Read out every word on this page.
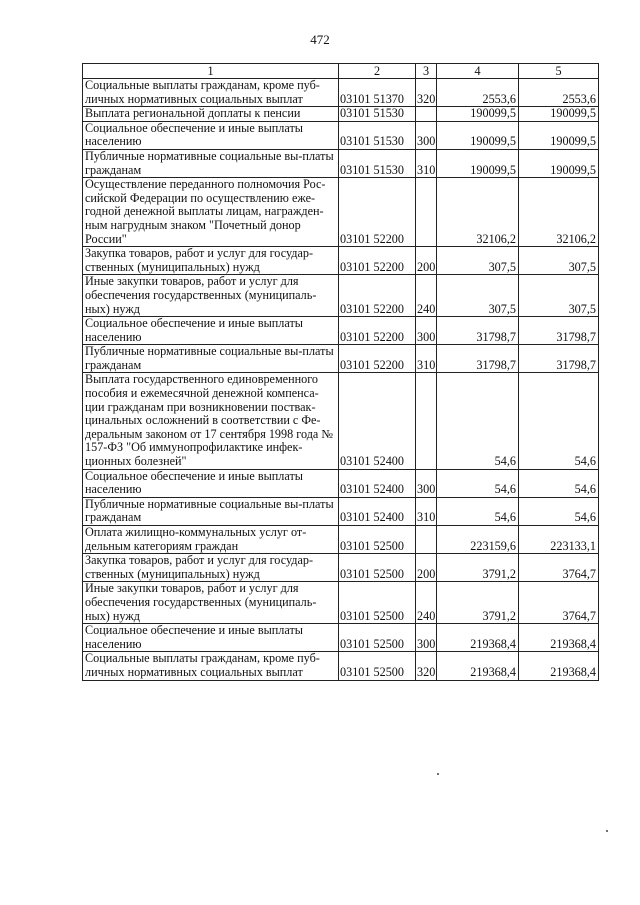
472
1	2	3	4	5
Социальные выплаты гражданам, кроме пуб-личных нормативных социальных выплат	03101 51370	320	2553,6	2553,6
Выплата региональной доплаты к пенсии	03101 51530		190099,5	190099,5
Социальное обеспечение и иные выплаты населению	03101 51530	300	190099,5	190099,5
Публичные нормативные социальные вы-платы гражданам	03101 51530	310	190099,5	190099,5
Осуществление переданного полномочия Рос-сийской Федерации по осуществлению еже-годной денежной выплаты лицам, награжден-ным нагрудным знаком "Почетный донор России"	03101 52200		32106,2	32106,2
Закупка товаров, работ и услуг для государ-ственных (муниципальных) нужд	03101 52200	200	307,5	307,5
Иные закупки товаров, работ и услуг для обеспечения государственных (муниципаль-ных) нужд	03101 52200	240	307,5	307,5
Социальное обеспечение и иные выплаты населению	03101 52200	300	31798,7	31798,7
Публичные нормативные социальные вы-платы гражданам	03101 52200	310	31798,7	31798,7
Выплата государственного единовременного пособия и ежемесячной денежной компенса-ции гражданам при возникновении поствак-цинальных осложнений в соответствии с Фе-деральным законом от 17 сентября 1998 года № 157-ФЗ "Об иммунопрофилактике инфек-ционных болезней"	03101 52400		54,6	54,6
Социальное обеспечение и иные выплаты населению	03101 52400	300	54,6	54,6
Публичные нормативные социальные вы-платы гражданам	03101 52400	310	54,6	54,6
Оплата жилищно-коммунальных услуг от-дельным категориям граждан	03101 52500		223159,6	223133,1
Закупка товаров, работ и услуг для государ-ственных (муниципальных) нужд	03101 52500	200	3791,2	3764,7
Иные закупки товаров, работ и услуг для обеспечения государственных (муниципаль-ных) нужд	03101 52500	240	3791,2	3764,7
Социальное обеспечение и иные выплаты населению	03101 52500	300	219368,4	219368,4
Социальные выплаты гражданам, кроме пуб-личных нормативных социальных выплат	03101 52500	320	219368,4	219368,4
